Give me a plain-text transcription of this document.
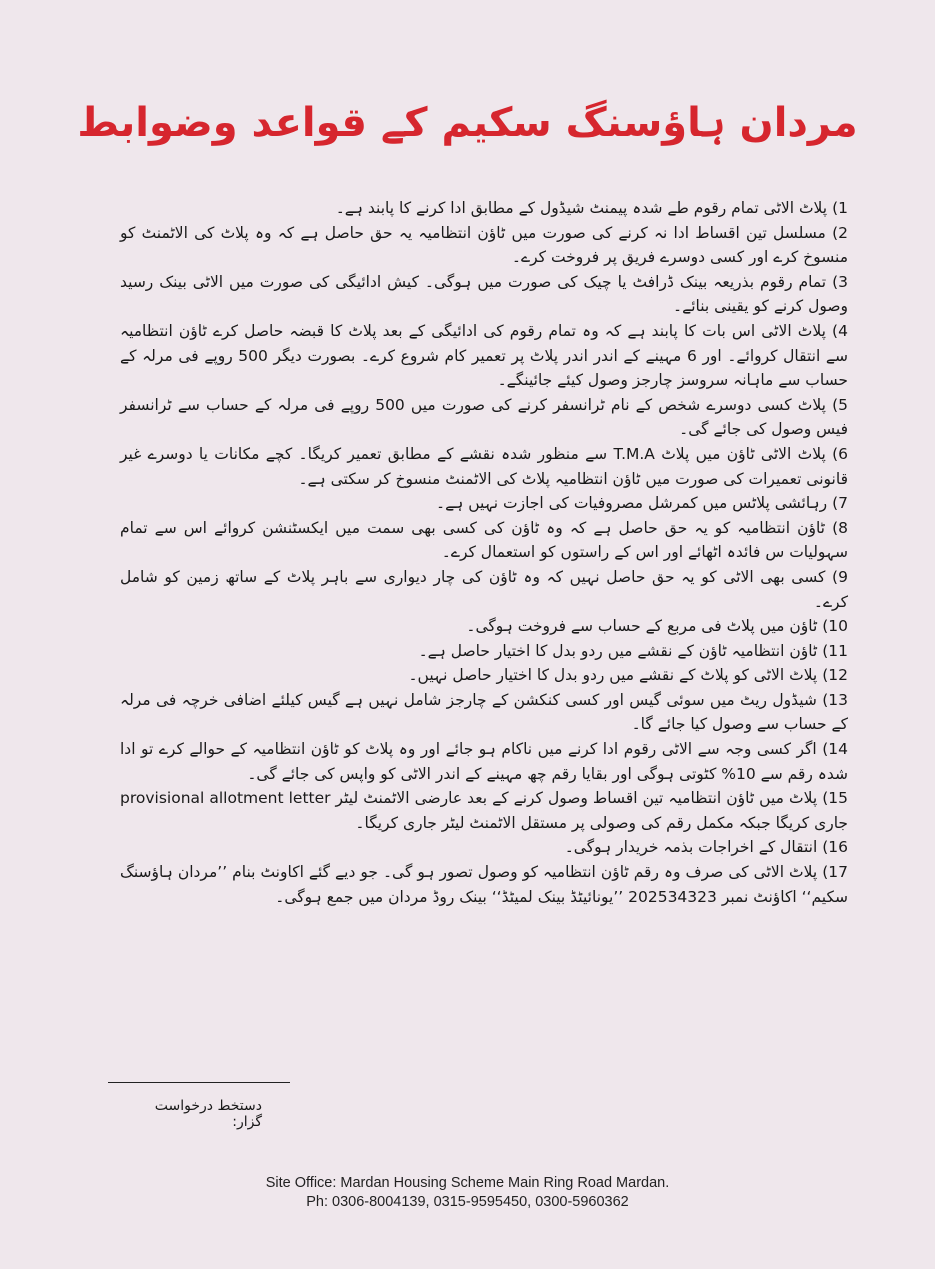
مردان ہاؤسنگ سکیم کے قواعد وضوابط
1) پلاٹ الاٹی تمام رقوم طے شدہ پیمنٹ شیڈول کے مطابق ادا کرنے کا پابند ہے۔
2) مسلسل تین اقساط ادا نہ کرنے کی صورت میں ٹاؤن انتظامیہ یہ حق حاصل ہے کہ وہ پلاٹ کی الاٹمنٹ کو منسوخ کرے اور کسی دوسرے فریق پر فروخت کرے۔
3) تمام رقوم بذریعہ بینک ڈرافٹ یا چیک کی صورت میں ہوگی۔ کیش ادائیگی کی صورت میں الاٹی بینک رسید وصول کرنے کو یقینی بنائے۔
4) پلاٹ الاٹی اس بات کا پابند ہے کہ وہ تمام رقوم کی ادائیگی کے بعد پلاٹ کا قبضہ حاصل کرے ٹاؤن انتظامیہ سے انتقال کروائے۔ اور 6 مہینے کے اندر اندر پلاٹ پر تعمیر کام شروع کرے۔ بصورت دیگر 500 روپے فی مرلہ کے حساب سے ماہانہ سروسز چارجز وصول کیئے جائینگے۔
5) پلاٹ کسی دوسرے شخص کے نام ٹرانسفر کرنے کی صورت میں 500 روپے فی مرلہ کے حساب سے ٹرانسفر فیس وصول کی جائے گی۔
6) پلاٹ الاٹی ٹاؤن میں پلاٹ T.M.A سے منظور شدہ نقشے کے مطابق تعمیر کریگا۔ کچے مکانات یا دوسرے غیر قانونی تعمیرات کی صورت میں ٹاؤن انتظامیہ پلاٹ کی الاٹمنٹ منسوخ کر سکتی ہے۔
7) رہائشی پلاٹس میں کمرشل مصروفیات کی اجازت نہیں ہے۔
8) ٹاؤن انتظامیہ کو یہ حق حاصل ہے کہ وہ ٹاؤن کی کسی بھی سمت میں ایکسٹنشن کروائے اس سے تمام سہولیات س فائدہ اٹھائے اور اس کے راستوں کو استعمال کرے۔
9) کسی بھی الاٹی کو یہ حق حاصل نہیں کہ وہ ٹاؤن کی چار دیواری سے باہر پلاٹ کے ساتھ زمین کو شامل کرے۔
10) ٹاؤن میں پلاٹ فی مربع کے حساب سے فروخت ہوگی۔
11) ٹاؤن انتظامیہ ٹاؤن کے نقشے میں ردو بدل کا اختیار حاصل ہے۔
12) پلاٹ الاٹی کو پلاٹ کے نقشے میں ردو بدل کا اختیار حاصل نہیں۔
13) شیڈول ریٹ میں سوئی گیس اور کسی کنکشن کے چارجز شامل نہیں ہے گیس کیلئے اضافی خرچہ فی مرلہ کے حساب سے وصول کیا جائے گا۔
14) اگر کسی وجہ سے الاٹی رقوم ادا کرنے میں ناکام ہو جائے اور وہ پلاٹ کو ٹاؤن انتظامیہ کے حوالے کرے تو ادا شدہ رقم سے 10% کٹوتی ہوگی اور بقایا رقم چھ مہینے کے اندر الاٹی کو واپس کی جائے گی۔
15) پلاٹ میں ٹاؤن انتظامیہ تین اقساط وصول کرنے کے بعد عارضی الاٹمنٹ لیٹر provisional allotment letter جاری کریگا جبکہ مکمل رقم کی وصولی پر مستقل الاٹمنٹ لیٹر جاری کریگا۔
16) انتقال کے اخراجات بذمہ خریدار ہوگی۔
17) پلاٹ الاٹی کی صرف وہ رقم ٹاؤن انتظامیہ کو وصول تصور ہو گی۔ جو دیے گئے اکاونٹ بنام ’’مردان ہاؤسنگ سکیم‘‘ اکاؤنٹ نمبر 202534323 ’’یونائیٹڈ بینک لمیٹڈ‘‘ بینک روڈ مردان میں جمع ہوگی۔
دستخط درخواست گزار:
Site Office: Mardan Housing Scheme Main Ring Road Mardan.
Ph: 0306-8004139, 0315-9595450, 0300-5960362
